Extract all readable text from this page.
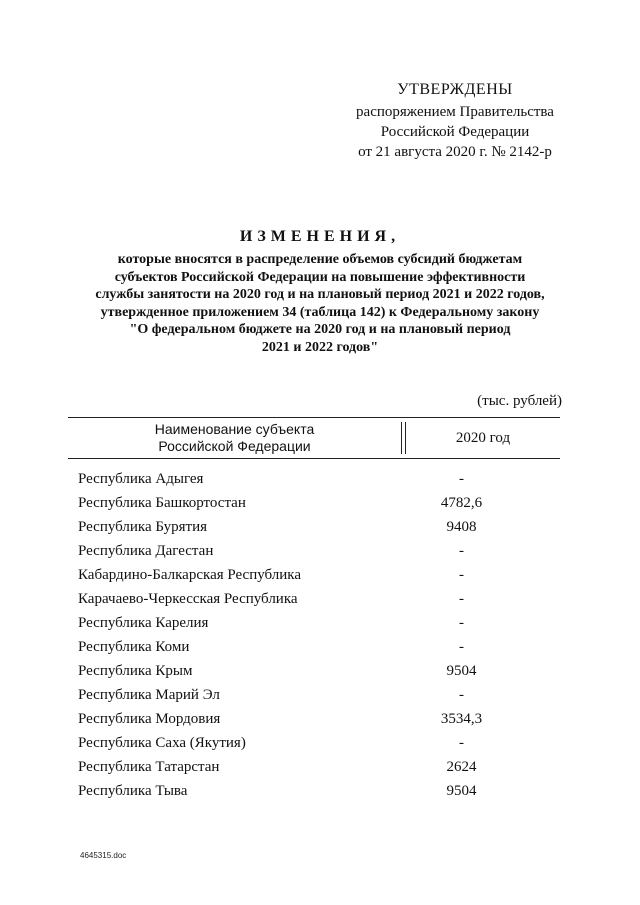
УТВЕРЖДЕНЫ
распоряжением Правительства
Российской Федерации
от 21 августа 2020 г. № 2142-р
ИЗМЕНЕНИЯ,
которые вносятся в распределение объемов субсидий бюджетам
субъектов Российской Федерации на повышение эффективности
службы занятости на 2020 год и на плановый период 2021 и 2022 годов,
утвержденное приложением 34 (таблица 142) к Федеральному закону
"О федеральном бюджете на 2020 год и на плановый период
2021 и 2022 годов"
(тыс. рублей)
Наименование субъекта
Российской Федерации	2020 год
Республика Адыгея	-
Республика Башкортостан	4782,6
Республика Бурятия	9408
Республика Дагестан	-
Кабардино-Балкарская Республика	-
Карачаево-Черкесская Республика	-
Республика Карелия	-
Республика Коми	-
Республика Крым	9504
Республика Марий Эл	-
Республика Мордовия	3534,3
Республика Саха (Якутия)	-
Республика Татарстан	2624
Республика Тыва	9504
4645315.doc
